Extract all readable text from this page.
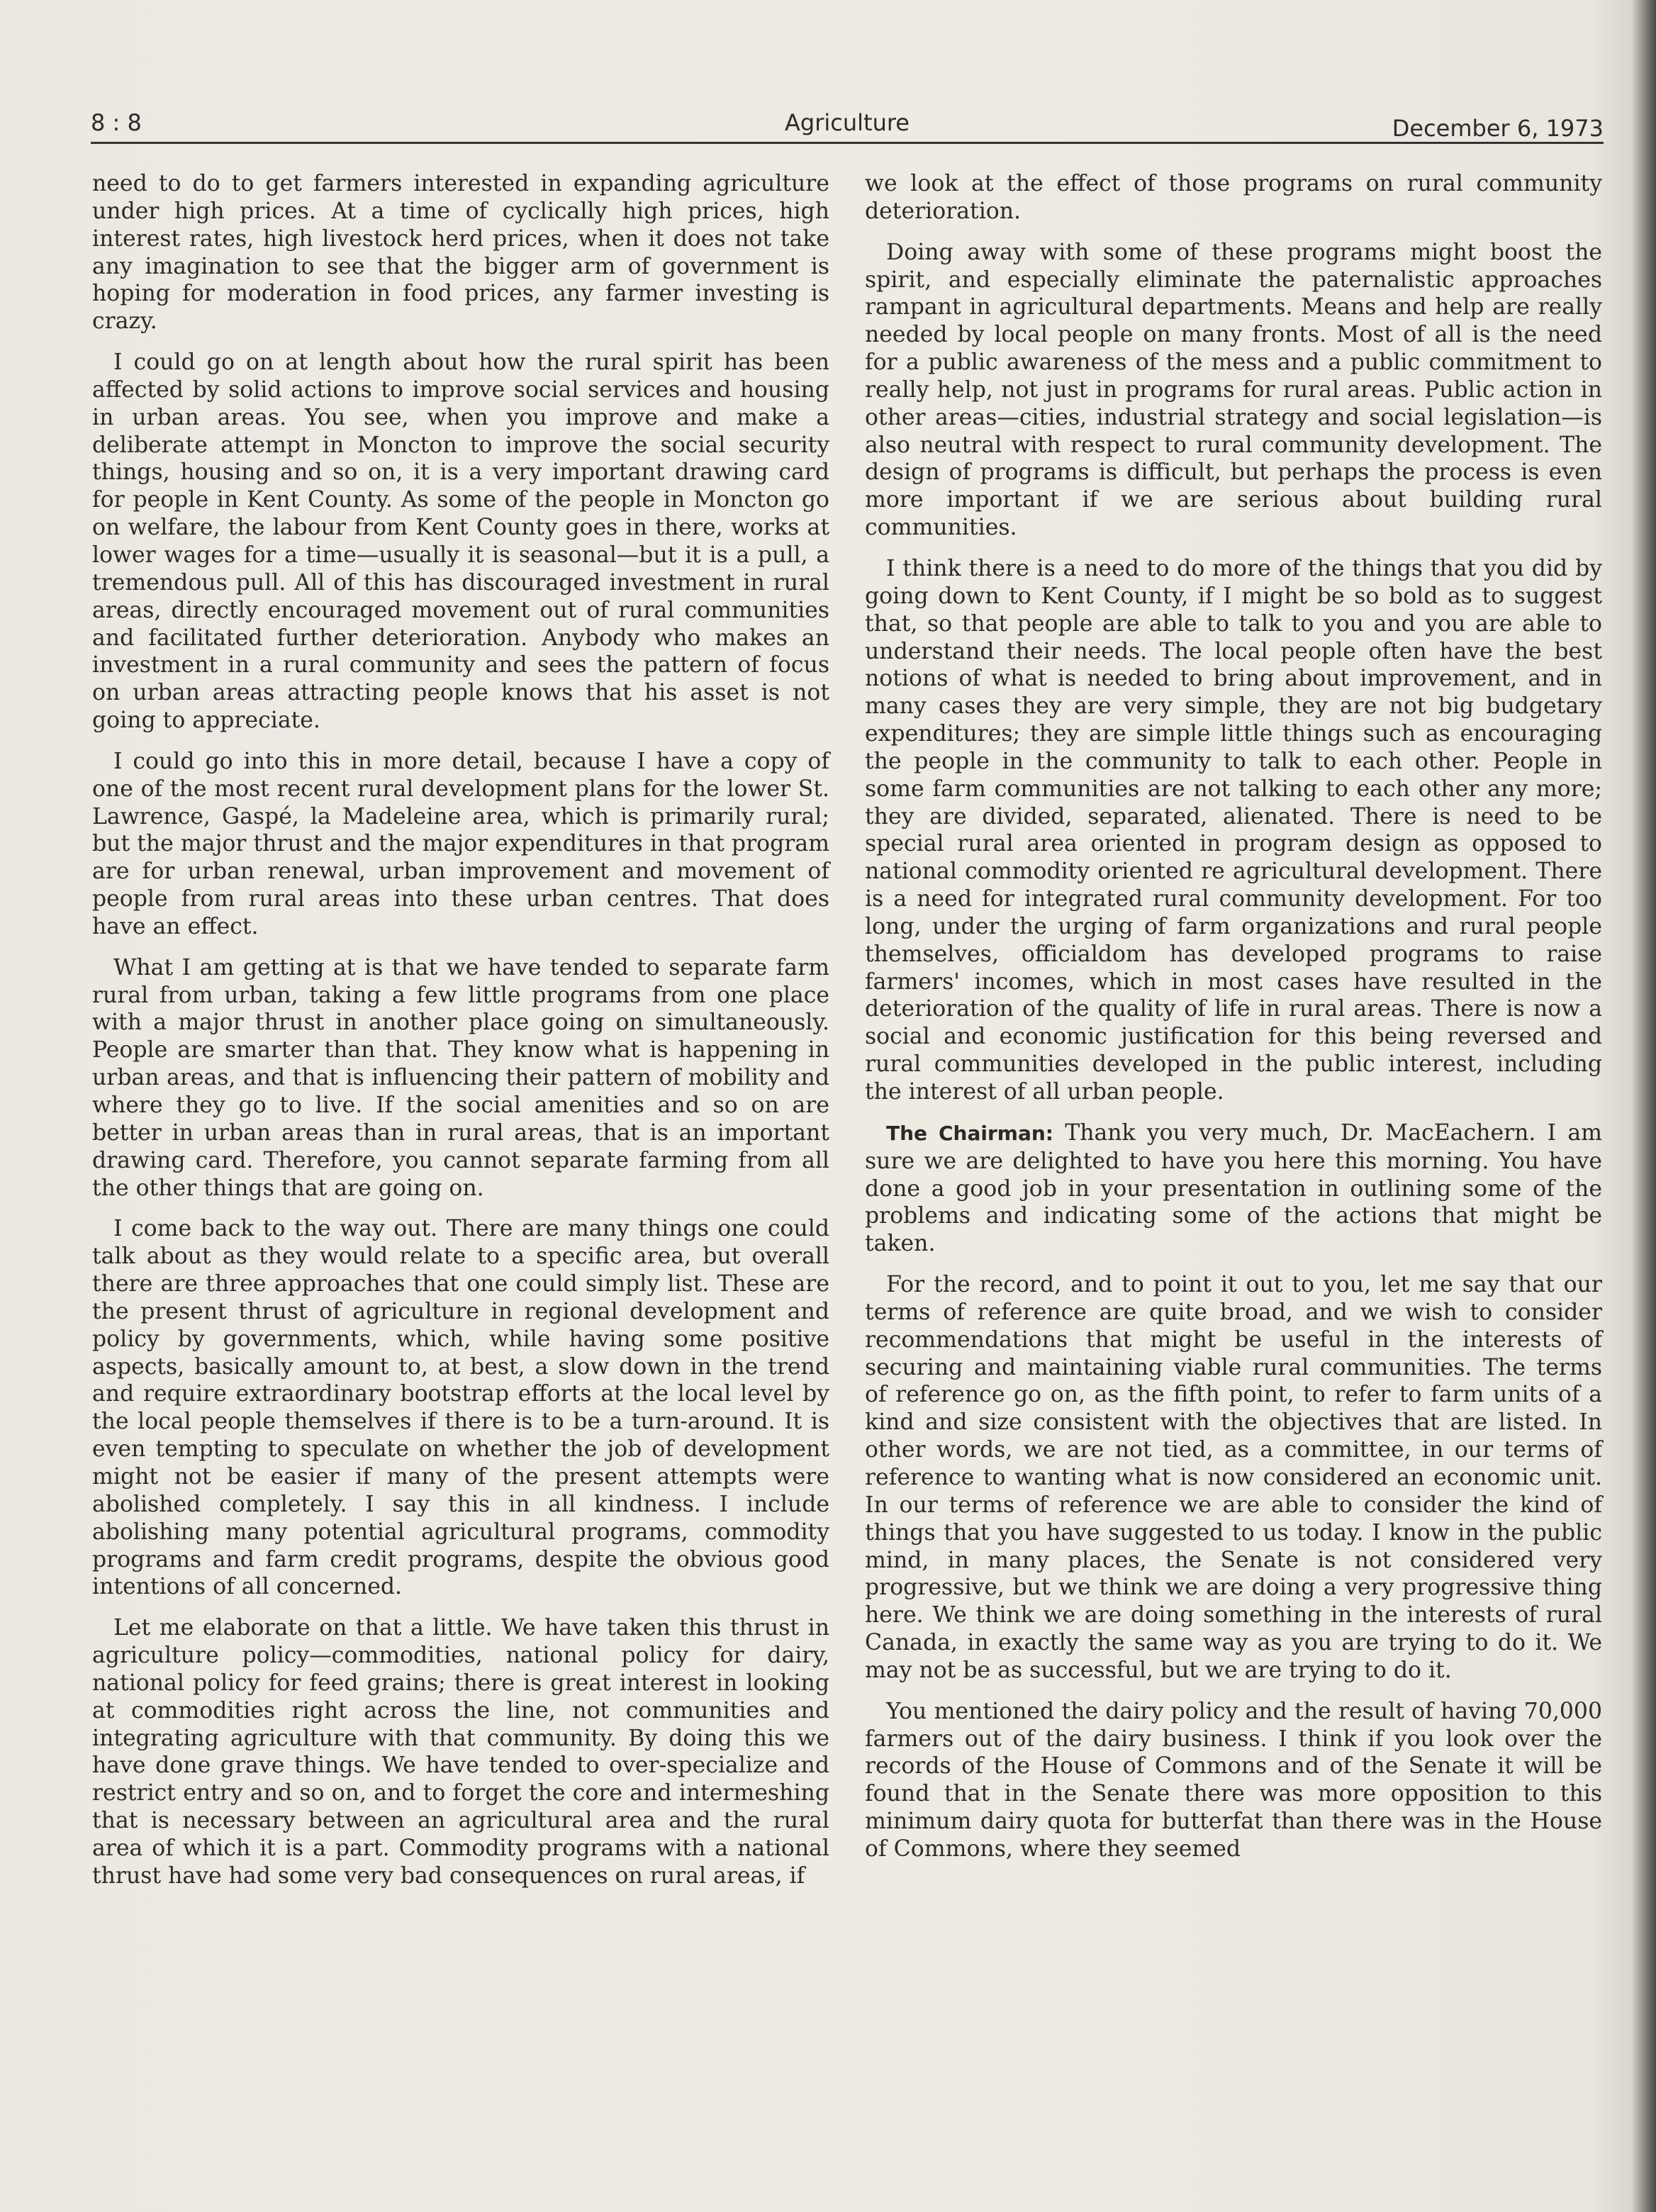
8 : 8	Agriculture	December 6, 1973

need to do to get farmers interested in expanding agriculture under high prices. At a time of cyclically high prices, high interest rates, high livestock herd prices, when it does not take any imagination to see that the bigger arm of government is hoping for moderation in food prices, any farmer investing is crazy.

I could go on at length about how the rural spirit has been affected by solid actions to improve social services and housing in urban areas. You see, when you improve and make a deliberate attempt in Moncton to improve the social security things, housing and so on, it is a very important drawing card for people in Kent County. As some of the people in Moncton go on welfare, the labour from Kent County goes in there, works at lower wages for a time—usually it is seasonal—but it is a pull, a tremendous pull. All of this has discouraged investment in rural areas, directly encouraged movement out of rural communities and facilitated further deterioration. Anybody who makes an investment in a rural community and sees the pattern of focus on urban areas attracting people knows that his asset is not going to appreciate.

I could go into this in more detail, because I have a copy of one of the most recent rural development plans for the lower St. Lawrence, Gaspé, la Madeleine area, which is primarily rural; but the major thrust and the major expenditures in that program are for urban renewal, urban improvement and movement of people from rural areas into these urban centres. That does have an effect.

What I am getting at is that we have tended to separate farm rural from urban, taking a few little programs from one place with a major thrust in another place going on simultaneously. People are smarter than that. They know what is happening in urban areas, and that is influencing their pattern of mobility and where they go to live. If the social amenities and so on are better in urban areas than in rural areas, that is an important drawing card. Therefore, you cannot separate farming from all the other things that are going on.

I come back to the way out. There are many things one could talk about as they would relate to a specific area, but overall there are three approaches that one could simply list. These are the present thrust of agriculture in regional development and policy by governments, which, while having some positive aspects, basically amount to, at best, a slow down in the trend and require extraordinary bootstrap efforts at the local level by the local people themselves if there is to be a turn-around. It is even tempting to speculate on whether the job of development might not be easier if many of the present attempts were abolished completely. I say this in all kindness. I include abolishing many potential agricultural programs, commodity programs and farm credit programs, despite the obvious good intentions of all concerned.

Let me elaborate on that a little. We have taken this thrust in agriculture policy—commodities, national policy for dairy, national policy for feed grains; there is great interest in looking at commodities right across the line, not communities and integrating agriculture with that community. By doing this we have done grave things. We have tended to over-specialize and restrict entry and so on, and to forget the core and intermeshing that is necessary between an agricultural area and the rural area of which it is a part. Commodity programs with a national thrust have had some very bad consequences on rural areas, if

we look at the effect of those programs on rural community deterioration.

Doing away with some of these programs might boost the spirit, and especially eliminate the paternalistic approaches rampant in agricultural departments. Means and help are really needed by local people on many fronts. Most of all is the need for a public awareness of the mess and a public commitment to really help, not just in programs for rural areas. Public action in other areas—cities, industrial strategy and social legislation—is also neutral with respect to rural community development. The design of programs is difficult, but perhaps the process is even more important if we are serious about building rural communities.

I think there is a need to do more of the things that you did by going down to Kent County, if I might be so bold as to suggest that, so that people are able to talk to you and you are able to understand their needs. The local people often have the best notions of what is needed to bring about improvement, and in many cases they are very simple, they are not big budgetary expenditures; they are simple little things such as encouraging the people in the community to talk to each other. People in some farm communities are not talking to each other any more; they are divided, separated, alienated. There is need to be special rural area oriented in program design as opposed to national commodity oriented re agricultural development. There is a need for integrated rural community development. For too long, under the urging of farm organizations and rural people themselves, officialdom has developed programs to raise farmers' incomes, which in most cases have resulted in the deterioration of the quality of life in rural areas. There is now a social and economic justification for this being reversed and rural communities developed in the public interest, including the interest of all urban people.

The Chairman: Thank you very much, Dr. MacEachern. I am sure we are delighted to have you here this morning. You have done a good job in your presentation in outlining some of the problems and indicating some of the actions that might be taken.

For the record, and to point it out to you, let me say that our terms of reference are quite broad, and we wish to consider recommendations that might be useful in the interests of securing and maintaining viable rural communities. The terms of reference go on, as the fifth point, to refer to farm units of a kind and size consistent with the objectives that are listed. In other words, we are not tied, as a committee, in our terms of reference to wanting what is now considered an economic unit. In our terms of reference we are able to consider the kind of things that you have suggested to us today. I know in the public mind, in many places, the Senate is not considered very progressive, but we think we are doing a very progressive thing here. We think we are doing something in the interests of rural Canada, in exactly the same way as you are trying to do it. We may not be as successful, but we are trying to do it.

You mentioned the dairy policy and the result of having 70,000 farmers out of the dairy business. I think if you look over the records of the House of Commons and of the Senate it will be found that in the Senate there was more opposition to this minimum dairy quota for butterfat than there was in the House of Commons, where they seemed
